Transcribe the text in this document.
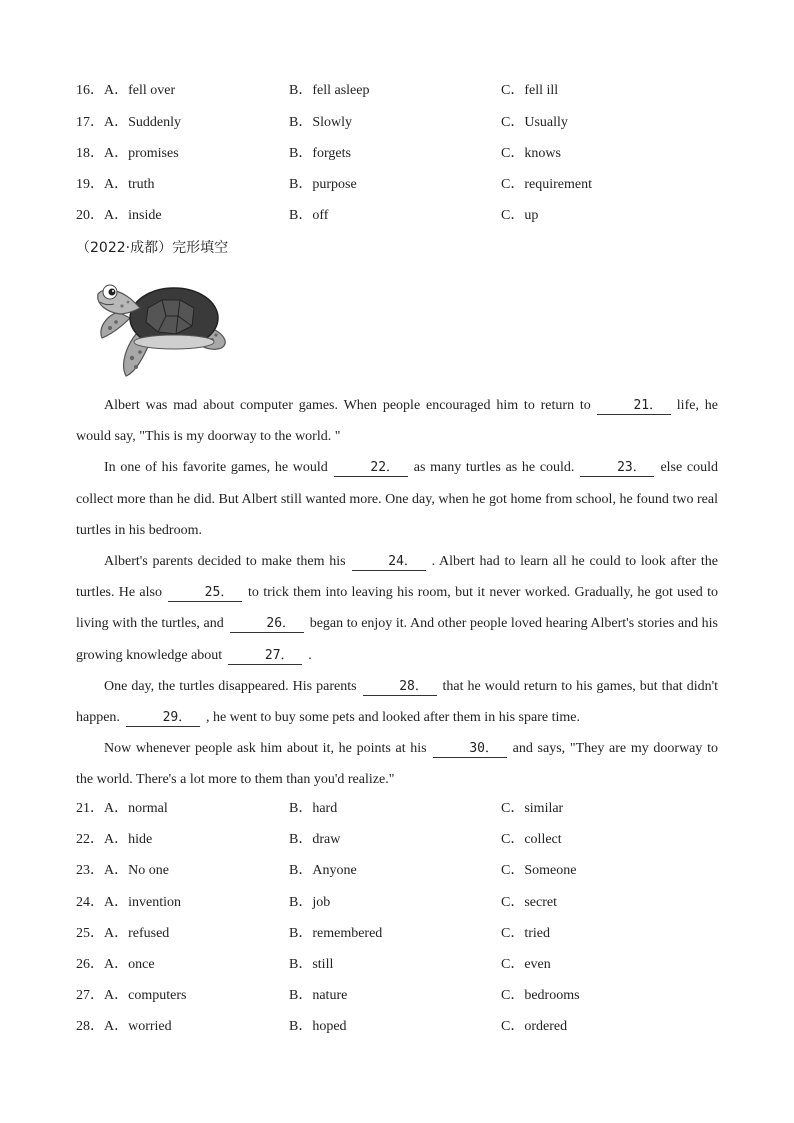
16．A．fell over	B．fell asleep	C．fell ill
17．A．Suddenly	B．Slowly	C．Usually
18．A．promises	B．forgets	C．knows
19．A．truth	B．purpose	C．requirement
20．A．inside	B．off	C．up
（2022·成都）完形填空

Albert was mad about computer games. When people encouraged him to return to	21． life, he would say, "This is my doorway to the world. "

In one of his favorite games, he would	22． as many turtles as he could.	23． else could collect more than he did. But Albert still wanted more. One day, when he got home from school, he found two real turtles in his bedroom.

Albert's parents decided to make them his	24． . Albert had to learn all he could to look after the turtles. He also	25． to trick them into leaving his room, but it never worked. Gradually, he got used to living with the turtles, and	26． began to enjoy it. And other people loved hearing Albert's stories and his growing knowledge about	27． .

One day, the turtles disappeared. His parents	28． that he would return to his games, but that didn't happen.	29． , he went to buy some pets and looked after them in his spare time.

Now whenever people ask him about it, he points at his	30． and says, "They are my doorway to the world. There's a lot more to them than you'd realize."

21．A．normal	B．hard	C．similar
22．A．hide	B．draw	C．collect
23．A．No one	B．Anyone	C．Someone
24．A．invention	B．job	C．secret
25．A．refused	B．remembered	C．tried
26．A．once	B．still	C．even
27．A．computers	B．nature	C．bedrooms
28．A．worried	B．hoped	C．ordered
